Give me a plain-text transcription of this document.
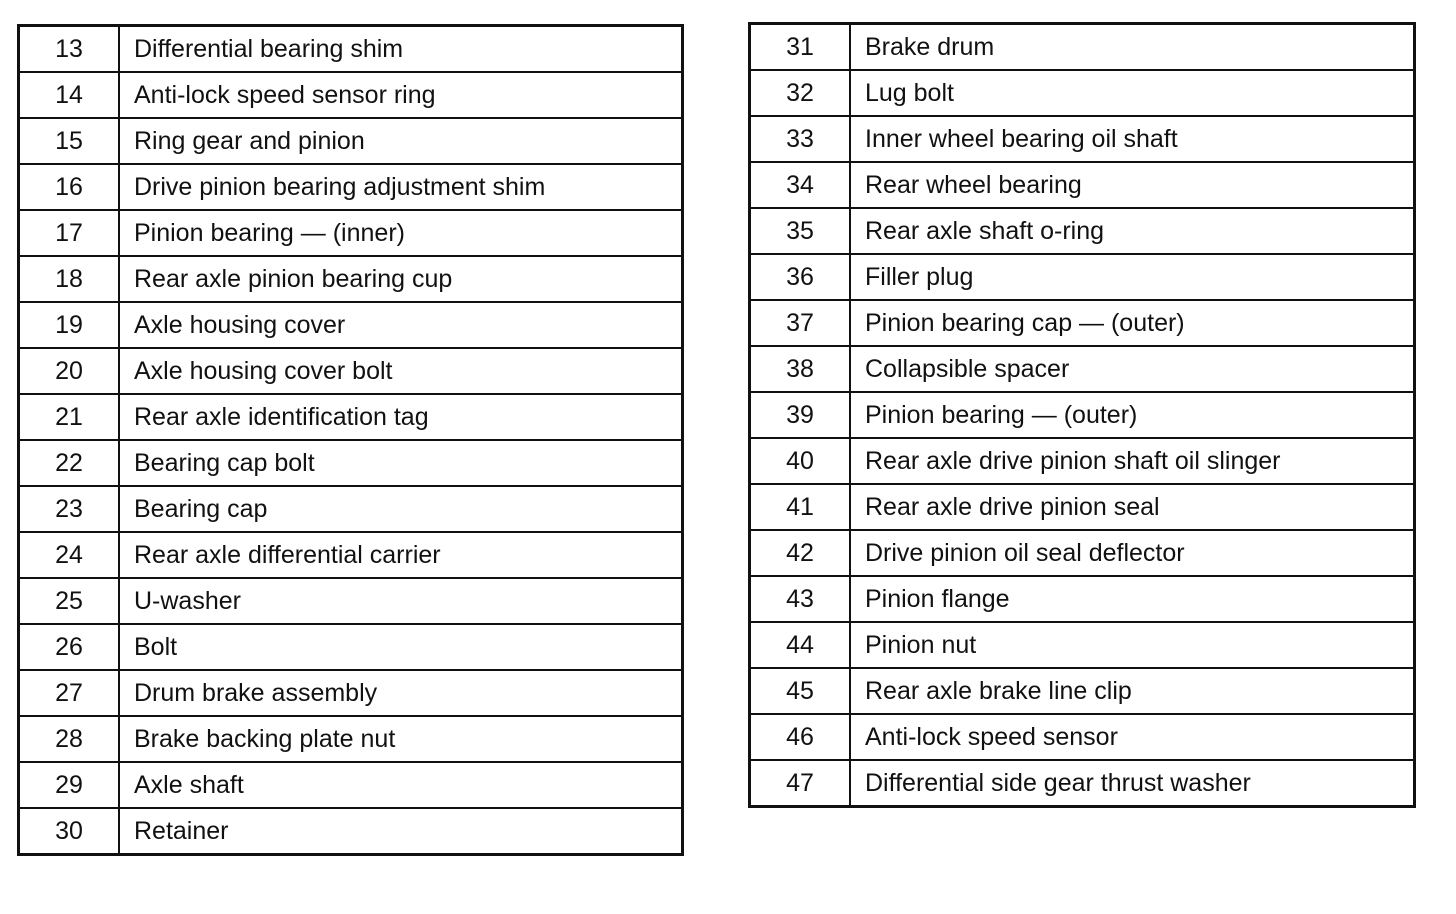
13	Differential bearing shim
14	Anti-lock speed sensor ring
15	Ring gear and pinion
16	Drive pinion bearing adjustment shim
17	Pinion bearing — (inner)
18	Rear axle pinion bearing cup
19	Axle housing cover
20	Axle housing cover bolt
21	Rear axle identification tag
22	Bearing cap bolt
23	Bearing cap
24	Rear axle differential carrier
25	U-washer
26	Bolt
27	Drum brake assembly
28	Brake backing plate nut
29	Axle shaft
30	Retainer
31	Brake drum
32	Lug bolt
33	Inner wheel bearing oil shaft
34	Rear wheel bearing
35	Rear axle shaft o-ring
36	Filler plug
37	Pinion bearing cap — (outer)
38	Collapsible spacer
39	Pinion bearing — (outer)
40	Rear axle drive pinion shaft oil slinger
41	Rear axle drive pinion seal
42	Drive pinion oil seal deflector
43	Pinion flange
44	Pinion nut
45	Rear axle brake line clip
46	Anti-lock speed sensor
47	Differential side gear thrust washer
